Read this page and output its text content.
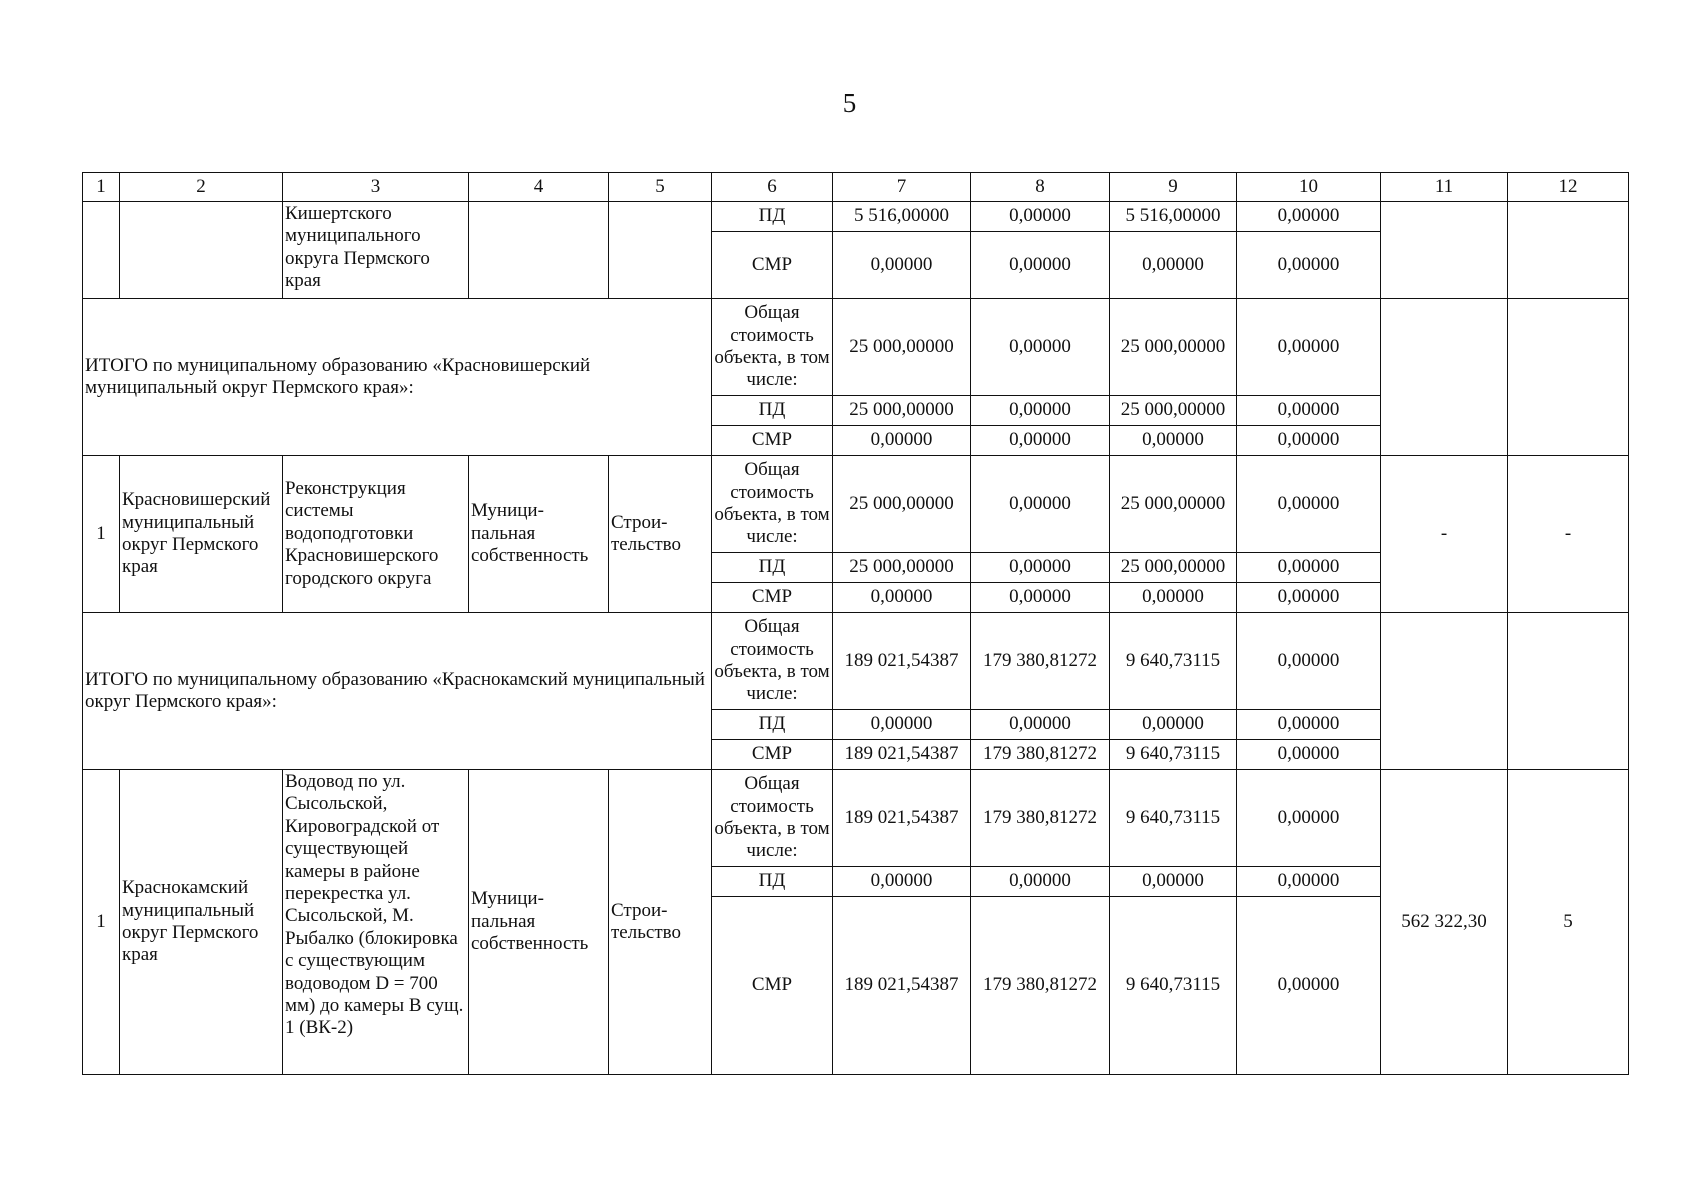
5
1	2	3	4	5	6	7	8	9	10	11	12
		Кишертского муниципального округа Пермского края			ПД	5 516,00000	0,00000	5 516,00000	0,00000		
					СМР	0,00000	0,00000	0,00000	0,00000		
ИТОГО по муниципальному образованию «Красновишерский муниципальный округ Пермского края»:					Общая стоимость объекта, в том числе:	25 000,00000	0,00000	25 000,00000	0,00000		
					ПД	25 000,00000	0,00000	25 000,00000	0,00000		
					СМР	0,00000	0,00000	0,00000	0,00000		
1	Красновишерский муниципальный округ Пермского края	Реконструкция системы водоподготовки Красновишерского городского округа	Муници-пальная собственность	Строи-тельство	Общая стоимость объекта, в том числе:	25 000,00000	0,00000	25 000,00000	0,00000	-	-
					ПД	25 000,00000	0,00000	25 000,00000	0,00000		
					СМР	0,00000	0,00000	0,00000	0,00000		
ИТОГО по муниципальному образованию «Краснокамский муниципальный округ Пермского края»:					Общая стоимость объекта, в том числе:	189 021,54387	179 380,81272	9 640,73115	0,00000		
					ПД	0,00000	0,00000	0,00000	0,00000		
					СМР	189 021,54387	179 380,81272	9 640,73115	0,00000		
1	Краснокамский муниципальный округ Пермского края	Водовод по ул. Сысольской, Кировоградской от существующей камеры в районе перекрестка ул. Сысольской, М. Рыбалко (блокировка с существующим водоводом D = 700 мм) до камеры В сущ. 1 (ВК-2)	Муници-пальная собственность	Строи-тельство	Общая стоимость объекта, в том числе:	189 021,54387	179 380,81272	9 640,73115	0,00000	562 322,30	5
					ПД	0,00000	0,00000	0,00000	0,00000		
					СМР	189 021,54387	179 380,81272	9 640,73115	0,00000		
